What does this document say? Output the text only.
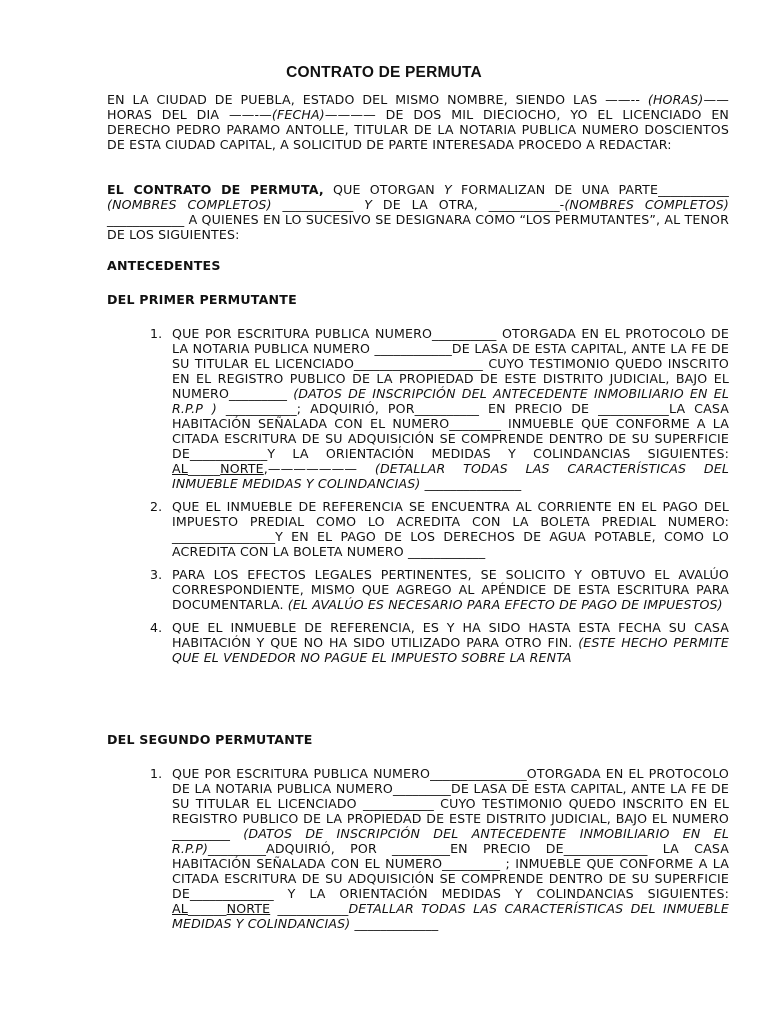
CONTRATO DE PERMUTA
EN LA CIUDAD DE PUEBLA, ESTADO DEL MISMO NOMBRE, SIENDO LAS ——-- (HORAS)—— HORAS DEL DIA ——-—(FECHA)———— DE DOS MIL DIECIOCHO, YO EL LICENCIADO EN DERECHO PEDRO PARAMO ANTOLLE, TITULAR DE LA NOTARIA PUBLICA NUMERO DOSCIENTOS DE ESTA CIUDAD CAPITAL, A SOLICITUD DE PARTE INTERESADA PROCEDO A REDACTAR:
EL CONTRATO DE PERMUTA, QUE OTORGAN Y FORMALIZAN DE UNA PARTE___________ (NOMBRES COMPLETOS) ___________ Y DE LA OTRA, ___________-(NOMBRES COMPLETOS) ____________ A QUIENES EN LO SUCESIVO SE DESIGNARA COMO “LOS PERMUTANTES”, AL TENOR DE LOS SIGUIENTES:
ANTECEDENTES
DEL PRIMER PERMUTANTE
1. QUE POR ESCRITURA PUBLICA NUMERO__________ OTORGADA EN EL PROTOCOLO DE LA NOTARIA PUBLICA NUMERO ____________DE LASA DE ESTA CAPITAL, ANTE LA FE DE SU TITULAR EL LICENCIADO____________________ CUYO TESTIMONIO QUEDO INSCRITO EN EL REGISTRO PUBLICO DE LA PROPIEDAD DE ESTE DISTRITO JUDICIAL, BAJO EL NUMERO_________ (DATOS DE INSCRIPCIÓN DEL ANTECEDENTE INMOBILIARIO EN EL R.P.P ) ___________; ADQUIRIÓ, POR__________ EN PRECIO DE ___________LA CASA HABITACIÓN SEÑALADA CON EL NUMERO________ INMUEBLE QUE CONFORME A LA CITADA ESCRITURA DE SU ADQUISICIÓN SE COMPRENDE DENTRO DE SU SUPERFICIE DE____________Y LA ORIENTACIÓN MEDIDAS Y COLINDANCIAS SIGUIENTES: AL_____NORTE,——————— (DETALLAR TODAS LAS CARACTERÍSTICAS DEL INMUEBLE MEDIDAS Y COLINDANCIAS) _______________
2. QUE EL INMUEBLE DE REFERENCIA SE ENCUENTRA AL CORRIENTE EN EL PAGO DEL IMPUESTO PREDIAL COMO LO ACREDITA CON LA BOLETA PREDIAL NUMERO: ________________Y EN EL PAGO DE LOS DERECHOS DE AGUA POTABLE, COMO LO ACREDITA CON LA BOLETA NUMERO ____________
3. PARA LOS EFECTOS LEGALES PERTINENTES, SE SOLICITO Y OBTUVO EL AVALÚO CORRESPONDIENTE, MISMO QUE AGREGO AL APÉNDICE DE ESTA ESCRITURA PARA DOCUMENTARLA. (EL AVALÚO ES NECESARIO PARA EFECTO DE PAGO DE IMPUESTOS)
4. QUE EL INMUEBLE DE REFERENCIA, ES Y HA SIDO HASTA ESTA FECHA SU CASA HABITACIÓN Y QUE NO HA SIDO UTILIZADO PARA OTRO FIN. (ESTE HECHO PERMITE QUE EL VENDEDOR NO PAGUE EL IMPUESTO SOBRE LA RENTA
DEL SEGUNDO PERMUTANTE
1. QUE POR ESCRITURA PUBLICA NUMERO_______________OTORGADA EN EL PROTOCOLO DE LA NOTARIA PUBLICA NUMERO_________DE LASA DE ESTA CAPITAL, ANTE LA FE DE SU TITULAR EL LICENCIADO ___________ CUYO TESTIMONIO QUEDO INSCRITO EN EL REGISTRO PUBLICO DE LA PROPIEDAD DE ESTE DISTRITO JUDICIAL, BAJO EL NUMERO _________ (DATOS DE INSCRIPCIÓN DEL ANTECEDENTE INMOBILIARIO EN EL R.P.P)_________ADQUIRIÓ, POR _________EN PRECIO DE_____________ LA CASA HABITACIÓN SEÑALADA CON EL NUMERO_________ ; INMUEBLE QUE CONFORME A LA CITADA ESCRITURA DE SU ADQUISICIÓN SE COMPRENDE DENTRO DE SU SUPERFICIE DE_____________ Y LA ORIENTACIÓN MEDIDAS Y COLINDANCIAS SIGUIENTES: AL______NORTE ___________DETALLAR TODAS LAS CARACTERÍSTICAS DEL INMUEBLE MEDIDAS Y COLINDANCIAS) _____________
